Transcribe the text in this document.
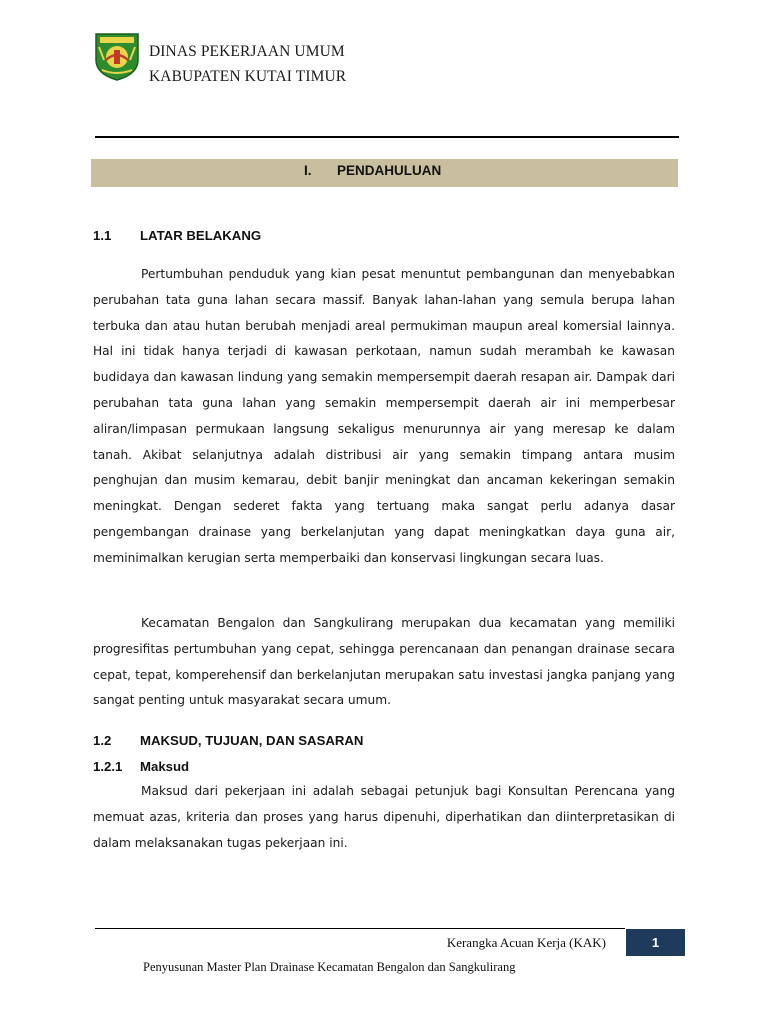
DINAS PEKERJAAN UMUM
KABUPATEN KUTAI TIMUR
I. PENDAHULUAN
1.1 LATAR BELAKANG

Pertumbuhan penduduk yang kian pesat menuntut pembangunan dan menyebabkan perubahan tata guna lahan secara massif. Banyak lahan-lahan yang semula berupa lahan terbuka dan atau hutan berubah menjadi areal permukiman maupun areal komersial lainnya. Hal ini tidak hanya terjadi di kawasan perkotaan, namun sudah merambah ke kawasan budidaya dan kawasan lindung yang semakin mempersempit daerah resapan air. Dampak dari perubahan tata guna lahan yang semakin mempersempit daerah air ini memperbesar aliran/limpasan permukaan langsung sekaligus menurunnya air yang meresap ke dalam tanah. Akibat selanjutnya adalah distribusi air yang semakin timpang antara musim penghujan dan musim kemarau, debit banjir meningkat dan ancaman kekeringan semakin meningkat. Dengan sederet fakta yang tertuang maka sangat perlu adanya dasar pengembangan drainase yang berkelanjutan yang dapat meningkatkan daya guna air, meminimalkan kerugian serta memperbaiki dan konservasi lingkungan secara luas.

Kecamatan Bengalon dan Sangkulirang merupakan dua kecamatan yang memiliki progresifitas pertumbuhan yang cepat, sehingga perencanaan dan penangan drainase secara cepat, tepat, komperehensif dan berkelanjutan merupakan satu investasi jangka panjang yang sangat penting untuk masyarakat secara umum.

1.2 MAKSUD, TUJUAN, DAN SASARAN
1.2.1 Maksud

Maksud dari pekerjaan ini adalah sebagai petunjuk bagi Konsultan Perencana yang memuat azas, kriteria dan proses yang harus dipenuhi, diperhatikan dan diinterpretasikan di dalam melaksanakan tugas pekerjaan ini.

Kerangka Acuan Kerja (KAK)	1
Penyusunan Master Plan Drainase Kecamatan Bengalon dan Sangkulirang
